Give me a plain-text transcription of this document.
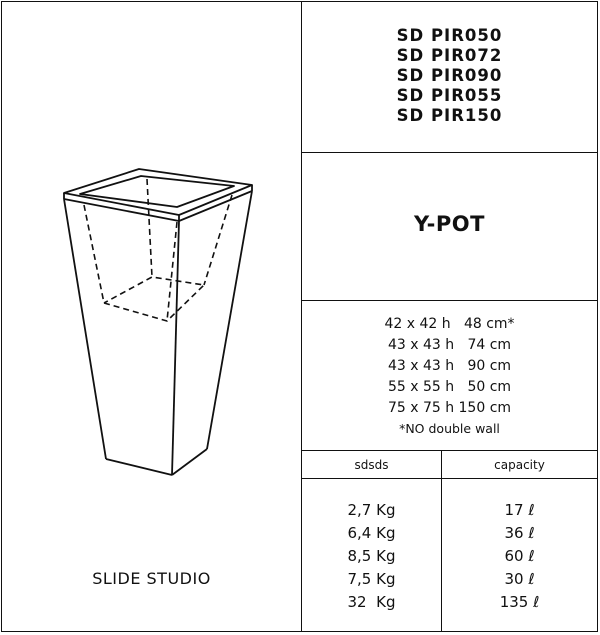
SLIDE STUDIO
SD PIR050
SD PIR072
SD PIR090
SD PIR055
SD PIR150
Y-POT
42 x 42 h   48 cm*
43 x 43 h   74 cm
43 x 43 h   90 cm
55 x 55 h   50 cm
75 x 75 h 150 cm
*NO double wall
sdsds	capacity
2,7 Kg
6,4 Kg
8,5 Kg
7,5 Kg
32  Kg
17 ℓ
36 ℓ
60 ℓ
30 ℓ
135 ℓ
